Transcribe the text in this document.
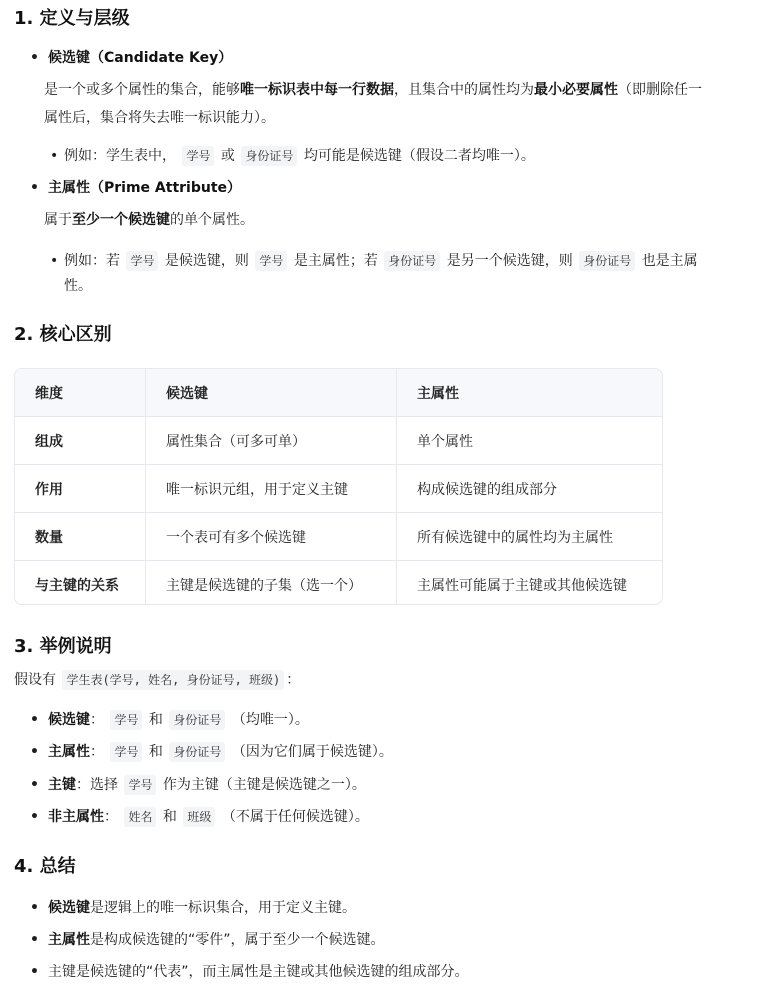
1. 定义与层级
• 候选键（Candidate Key）
是一个或多个属性的集合，能够唯一标识表中每一行数据，且集合中的属性均为最小必要属性（即删除任一
属性后，集合将失去唯一标识能力）。
• 例如：学生表中， 学号 或 身份证号 均可能是候选键（假设二者均唯一）。
• 主属性（Prime Attribute）
属于至少一个候选键的单个属性。
• 例如：若 学号 是候选键，则 学号 是主属性；若 身份证号 是另一个候选键，则 身份证号 也是主属
性。
2. 核心区别
维度	候选键	主属性
组成	属性集合（可多可单）	单个属性
作用	唯一标识元组，用于定义主键	构成候选键的组成部分
数量	一个表可有多个候选键	所有候选键中的属性均为主属性
与主键的关系	主键是候选键的子集（选一个）	主属性可能属于主键或其他候选键
3. 举例说明
假设有 学生表(学号, 姓名, 身份证号, 班级) ：
• 候选键： 学号 和 身份证号 （均唯一）。
• 主属性： 学号 和 身份证号 （因为它们属于候选键）。
• 主键：选择 学号 作为主键（主键是候选键之一）。
• 非主属性： 姓名 和 班级 （不属于任何候选键）。
4. 总结
• 候选键是逻辑上的唯一标识集合，用于定义主键。
• 主属性是构成候选键的“零件”，属于至少一个候选键。
• 主键是候选键的“代表”，而主属性是主键或其他候选键的组成部分。
